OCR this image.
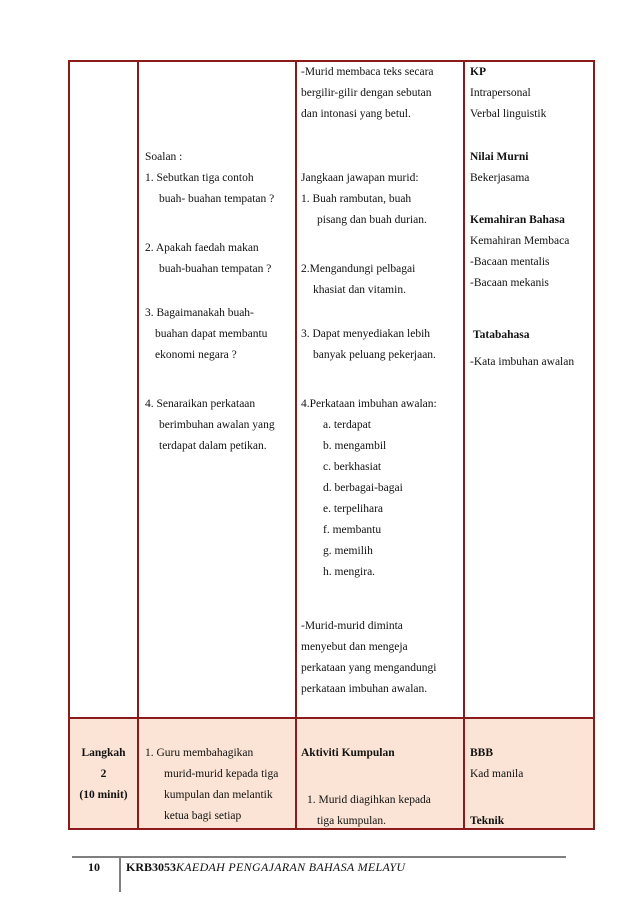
-Murid membaca teks secara
bergilir-gilir dengan sebutan
dan intonasi yang betul.
KP
Intrapersonal
Verbal linguistik
Nilai Murni
Bekerjasama
Kemahiran Bahasa
Kemahiran Membaca
-Bacaan mentalis
-Bacaan mekanis
Tatabahasa
-Kata imbuhan awalan
Soalan :
1. Sebutkan tiga contoh
buah- buahan tempatan ?
2. Apakah faedah makan
buah-buahan tempatan ?
3. Bagaimanakah buah-
buahan dapat membantu
ekonomi negara ?
4. Senaraikan perkataan
berimbuhan awalan yang
terdapat dalam petikan.
Jangkaan jawapan murid:
1. Buah rambutan, buah
pisang dan buah durian.
2.Mengandungi pelbagai
khasiat dan vitamin.
3. Dapat menyediakan lebih
banyak peluang pekerjaan.
4.Perkataan imbuhan awalan:
a. terdapat
b. mengambil
c. berkhasiat
d. berbagai-bagai
e. terpelihara
f. membantu
g. memilih
h. mengira.
-Murid-murid diminta
menyebut dan mengeja
perkataan yang mengandungi
perkataan imbuhan awalan.
Langkah
2
(10 minit)
1. Guru membahagikan
murid-murid kepada tiga
kumpulan dan melantik
ketua bagi setiap
Aktiviti Kumpulan
1. Murid diagihkan kepada
tiga kumpulan.
BBB
Kad manila
Teknik
10 KRB3053 KAEDAH PENGAJARAN BAHASA MELAYU
